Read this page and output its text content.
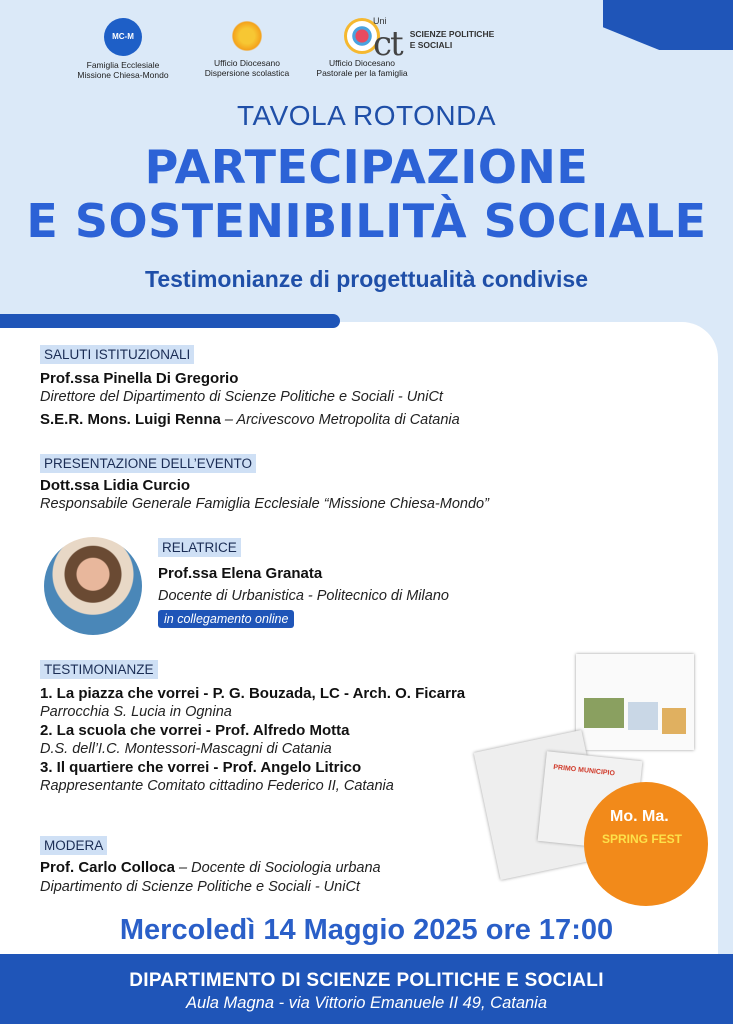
MC-M
Famiglia Ecclesiale
Missione Chiesa-Mondo
Ufficio Diocesano
Dispersione scolastica
Ufficio Diocesano
Pastorale per la famiglia
Uni
ct SCIENZE POLITICHE
E SOCIALI
TAVOLA ROTONDA
PARTECIPAZIONE
E SOSTENIBILITÀ SOCIALE
Testimonianze di progettualità condivise
SALUTI ISTITUZIONALI
Prof.ssa Pinella Di Gregorio
Direttore del Dipartimento di Scienze Politiche e Sociali - UniCt
S.E.R. Mons. Luigi Renna – Arcivescovo Metropolita di Catania
PRESENTAZIONE DELL’EVENTO
Dott.ssa Lidia Curcio
Responsabile Generale Famiglia Ecclesiale “Missione Chiesa-Mondo”
RELATRICE
Prof.ssa Elena Granata
Docente di Urbanistica - Politecnico di Milano
in collegamento online
TESTIMONIANZE
1. La piazza che vorrei - P. G. Bouzada, LC - Arch. O. Ficarra
Parrocchia S. Lucia in Ognina
2. La scuola che vorrei - Prof. Alfredo Motta
D.S. dell’I.C. Montessori-Mascagni di Catania
3. Il quartiere che vorrei - Prof. Angelo Litrico
Rappresentante Comitato cittadino Federico II, Catania
PRIMO MUNICIPIO
Mo. Ma.
SPRING FEST
MODERA
Prof. Carlo Colloca – Docente di Sociologia urbana
Dipartimento di Scienze Politiche e Sociali - UniCt
Mercoledì 14 Maggio 2025 ore 17:00
DIPARTIMENTO DI SCIENZE POLITICHE E SOCIALI
Aula Magna - via Vittorio Emanuele II 49, Catania
